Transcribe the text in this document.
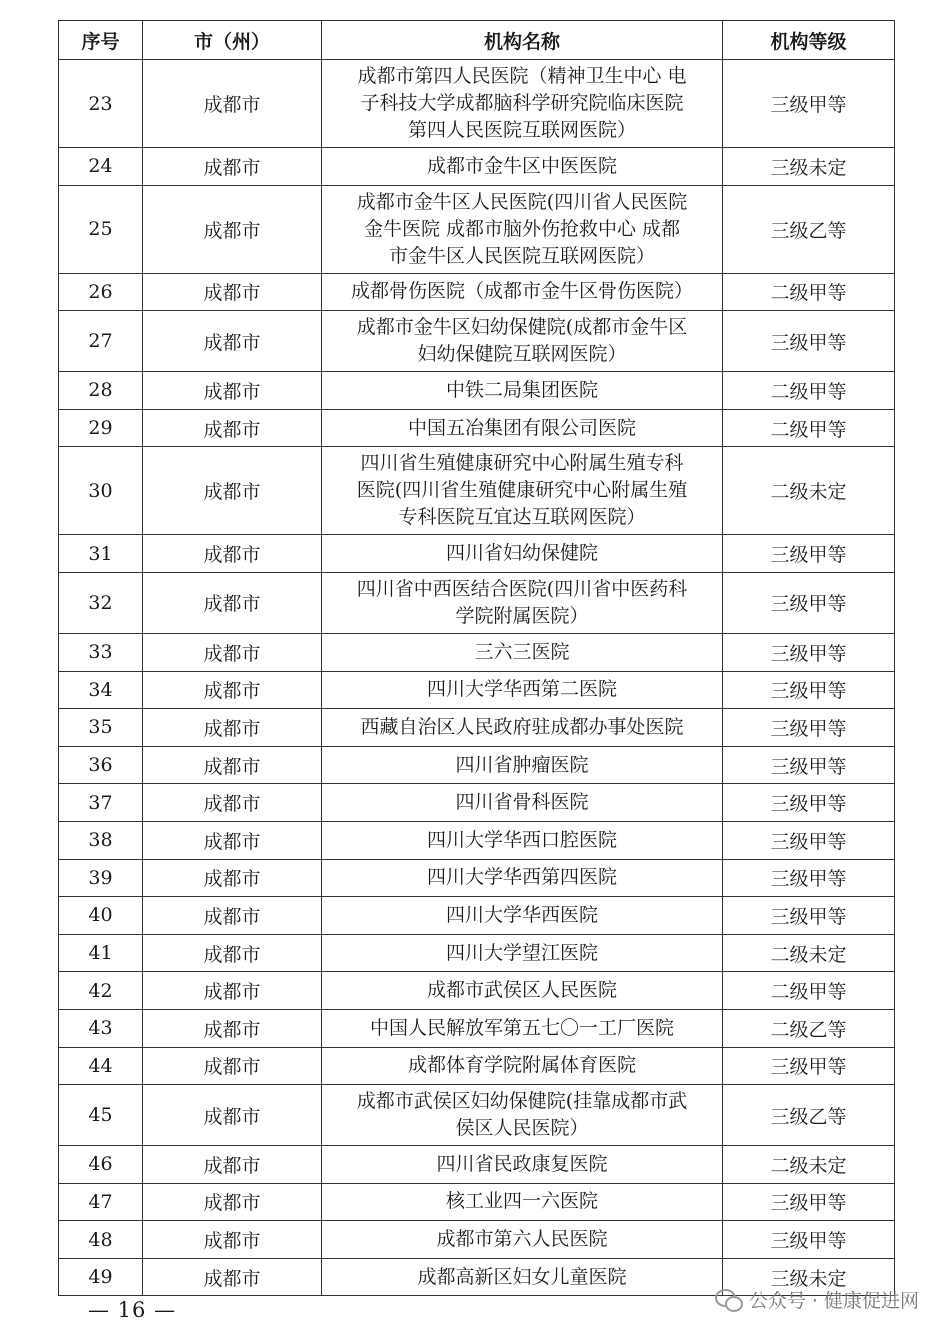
序号	市（州）	机构名称	机构等级
23	成都市	成都市第四人民医院（精神卫生中心 电
子科技大学成都脑科学研究院临床医院
第四人民医院互联网医院）	三级甲等
24	成都市	成都市金牛区中医医院	三级未定
25	成都市	成都市金牛区人民医院(四川省人民医院
金牛医院 成都市脑外伤抢救中心 成都
市金牛区人民医院互联网医院）	三级乙等
26	成都市	成都骨伤医院（成都市金牛区骨伤医院）	二级甲等
27	成都市	成都市金牛区妇幼保健院(成都市金牛区
妇幼保健院互联网医院）	三级甲等
28	成都市	中铁二局集团医院	二级甲等
29	成都市	中国五冶集团有限公司医院	二级甲等
30	成都市	四川省生殖健康研究中心附属生殖专科
医院(四川省生殖健康研究中心附属生殖
专科医院互宜达互联网医院）	二级未定
31	成都市	四川省妇幼保健院	三级甲等
32	成都市	四川省中西医结合医院(四川省中医药科
学院附属医院）	三级甲等
33	成都市	三六三医院	三级甲等
34	成都市	四川大学华西第二医院	三级甲等
35	成都市	西藏自治区人民政府驻成都办事处医院	三级甲等
36	成都市	四川省肿瘤医院	三级甲等
37	成都市	四川省骨科医院	三级甲等
38	成都市	四川大学华西口腔医院	三级甲等
39	成都市	四川大学华西第四医院	三级甲等
40	成都市	四川大学华西医院	三级甲等
41	成都市	四川大学望江医院	二级未定
42	成都市	成都市武侯区人民医院	二级甲等
43	成都市	中国人民解放军第五七〇一工厂医院	二级乙等
44	成都市	成都体育学院附属体育医院	三级甲等
45	成都市	成都市武侯区妇幼保健院(挂靠成都市武
侯区人民医院）	三级乙等
46	成都市	四川省民政康复医院	二级未定
47	成都市	核工业四一六医院	三级甲等
48	成都市	成都市第六人民医院	三级甲等
49	成都市	成都高新区妇女儿童医院	三级未定
— 16 —	公众号 · 健康促进网
